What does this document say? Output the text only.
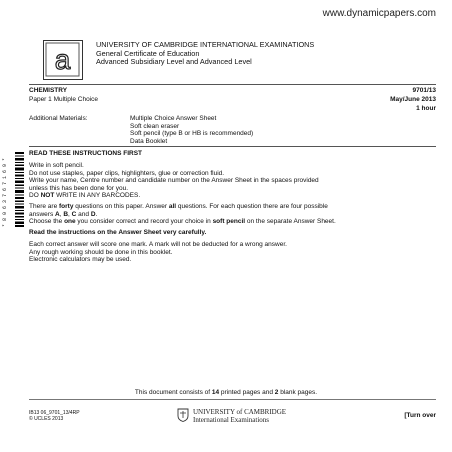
www.dynamicpapers.com
a	UNIVERSITY OF CAMBRIDGE INTERNATIONAL EXAMINATIONS
General Certificate of Education
Advanced Subsidiary Level and Advanced Level
CHEMISTRY	9701/13
Paper 1 Multiple Choice	May/June 2013
1 hour
Additional Materials:	Multiple Choice Answer Sheet
Soft clean eraser
Soft pencil (type B or HB is recommended)
Data Booklet
* 8 0 6 3 7 6 7 1 6 9 *
READ THESE INSTRUCTIONS FIRST
Write in soft pencil.
Do not use staples, paper clips, highlighters, glue or correction fluid.
Write your name, Centre number and candidate number on the Answer Sheet in the spaces provided
unless this has been done for you.
DO NOT WRITE IN ANY BARCODES.
There are forty questions on this paper. Answer all questions. For each question there are four possible
answers A, B, C and D.
Choose the one you consider correct and record your choice in soft pencil on the separate Answer Sheet.
Read the instructions on the Answer Sheet very carefully.
Each correct answer will score one mark. A mark will not be deducted for a wrong answer.
Any rough working should be done in this booklet.
Electronic calculators may be used.
This document consists of 14 printed pages and 2 blank pages.
IB13 06_9701_13/4RP
© UCLES 2013
UNIVERSITY of CAMBRIDGE
International Examinations
[Turn over
